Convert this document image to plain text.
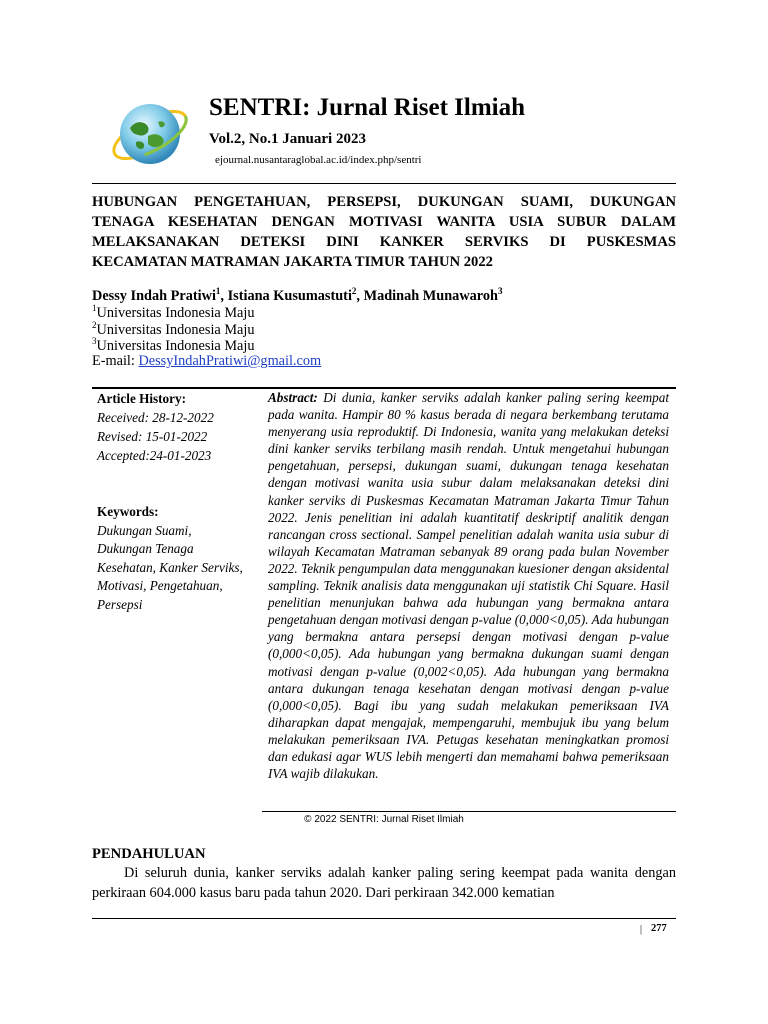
SENTRI: Jurnal Riset Ilmiah
Vol.2, No.1 Januari 2023
ejournal.nusantaraglobal.ac.id/index.php/sentri
HUBUNGAN PENGETAHUAN, PERSEPSI, DUKUNGAN SUAMI, DUKUNGAN
TENAGA KESEHATAN DENGAN MOTIVASI WANITA USIA SUBUR DALAM
MELAKSANAKAN DETEKSI DINI KANKER SERVIKS DI PUSKESMAS
KECAMATAN MATRAMAN JAKARTA TIMUR TAHUN 2022
Dessy Indah Pratiwi$^1$, Istiana Kusumastuti$^2$, Madinah Munawaroh$^3$
$^1$Universitas Indonesia Maju
$^2$Universitas Indonesia Maju
$^3$Universitas Indonesia Maju
E-mail: DessyIndahPratiwi@gmail.com
Article History:
Received: 28-12-2022
Revised: 15-01-2022
Accepted:24-01-2023
Keywords:
Dukungan Suami, Dukungan Tenaga Kesehatan, Kanker Serviks, Motivasi, Pengetahuan, Persepsi
Abstract: Di dunia, kanker serviks adalah kanker paling sering keempat pada wanita. Hampir 80 % kasus berada di negara berkembang terutama menyerang usia reproduktif. Di Indonesia, wanita yang melakukan deteksi dini kanker serviks terbilang masih rendah. Untuk mengetahui hubungan pengetahuan, persepsi, dukungan suami, dukungan tenaga kesehatan dengan motivasi wanita usia subur dalam melaksanakan deteksi dini kanker serviks di Puskesmas Kecamatan Matraman Jakarta Timur Tahun 2022. Jenis penelitian ini adalah kuantitatif deskriptif analitik dengan rancangan cross sectional. Sampel penelitian adalah wanita usia subur di wilayah Kecamatan Matraman sebanyak 89 orang pada bulan November 2022. Teknik pengumpulan data menggunakan kuesioner dengan aksidental sampling. Teknik analisis data menggunakan uji statistik Chi Square. Hasil penelitian menunjukan bahwa ada hubungan yang bermakna antara pengetahuan dengan motivasi dengan p-value (0,000<0,05). Ada hubungan yang bermakna antara persepsi dengan motivasi dengan p-value (0,000<0,05). Ada hubungan yang bermakna dukungan suami dengan motivasi dengan p-value (0,002<0,05). Ada hubungan yang bermakna antara dukungan tenaga kesehatan dengan motivasi dengan p-value (0,000<0,05). Bagi ibu yang sudah melakukan pemeriksaan IVA diharapkan dapat mengajak, mempengaruhi, membujuk ibu yang belum melakukan pemeriksaan IVA. Petugas kesehatan meningkatkan promosi dan edukasi agar WUS lebih mengerti dan memahami bahwa pemeriksaan IVA wajib dilakukan.
© 2022 SENTRI: Jurnal Riset Ilmiah
PENDAHULUAN
Di seluruh dunia, kanker serviks adalah kanker paling sering keempat pada wanita dengan perkiraan 604.000 kasus baru pada tahun 2020. Dari perkiraan 342.000 kematian
| 277
